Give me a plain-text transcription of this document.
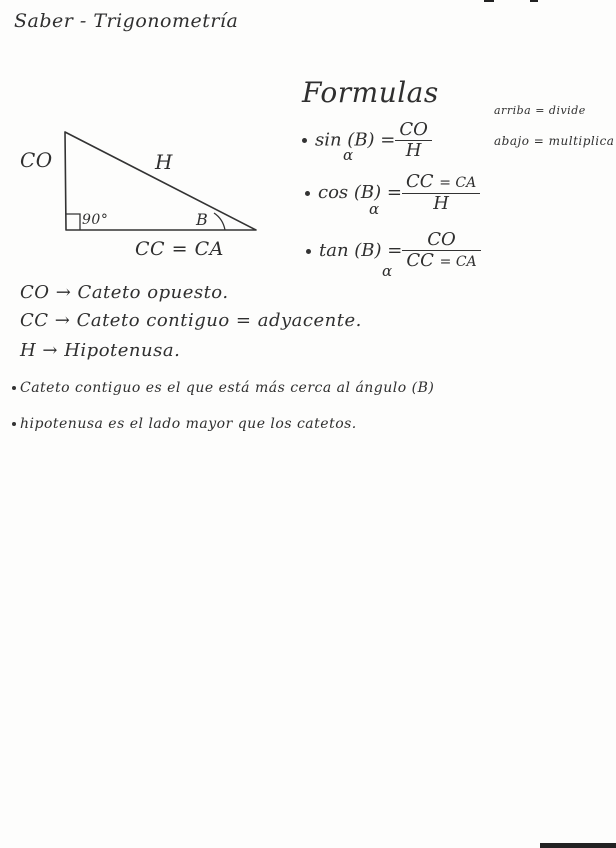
Saber - Trigonometría
CO	H
90°	B
CC = CA
Formulas
arriba = divide
abajo = multiplica
$\sin (B) = \frac{CO}{H}$
α
$\cos (B) = \frac{CC = CA}{H}$
α
$\tan (B) = \frac{CO}{CC = CA}$
α
CO → Cateto opuesto.
CC → Cateto contiguo = adyacente.
H → Hipotenusa.
Cateto contiguo es el que está más cerca al ángulo (B)
hipotenusa es el lado mayor que los catetos.
